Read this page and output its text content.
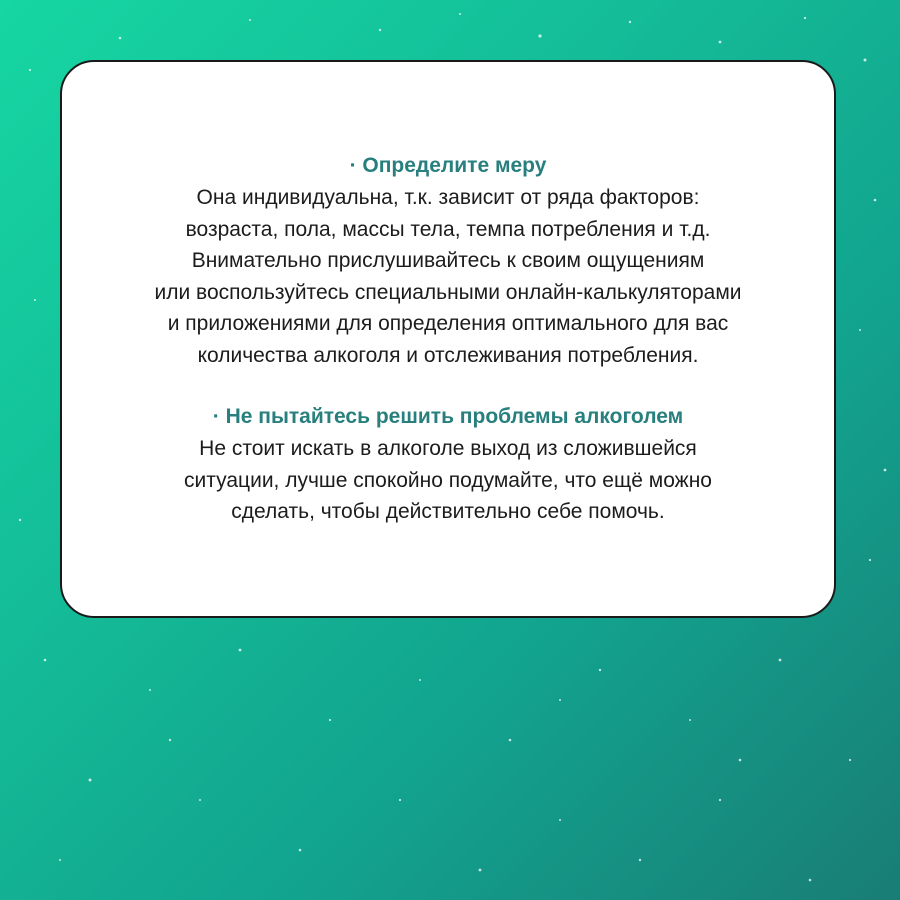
· Определите меру
Она индивидуальна, т.к. зависит от ряда факторов:
возраста, пола, массы тела, темпа потребления и т.д.
Внимательно прислушивайтесь к своим ощущениям
или воспользуйтесь специальными онлайн-калькуляторами
и приложениями для определения оптимального для вас
количества алкоголя и отслеживания потребления.
· Не пытайтесь решить проблемы алкоголем
Не стоит искать в алкоголе выход из сложившейся
ситуации, лучше спокойно подумайте, что ещё можно
сделать, чтобы действительно себе помочь.
